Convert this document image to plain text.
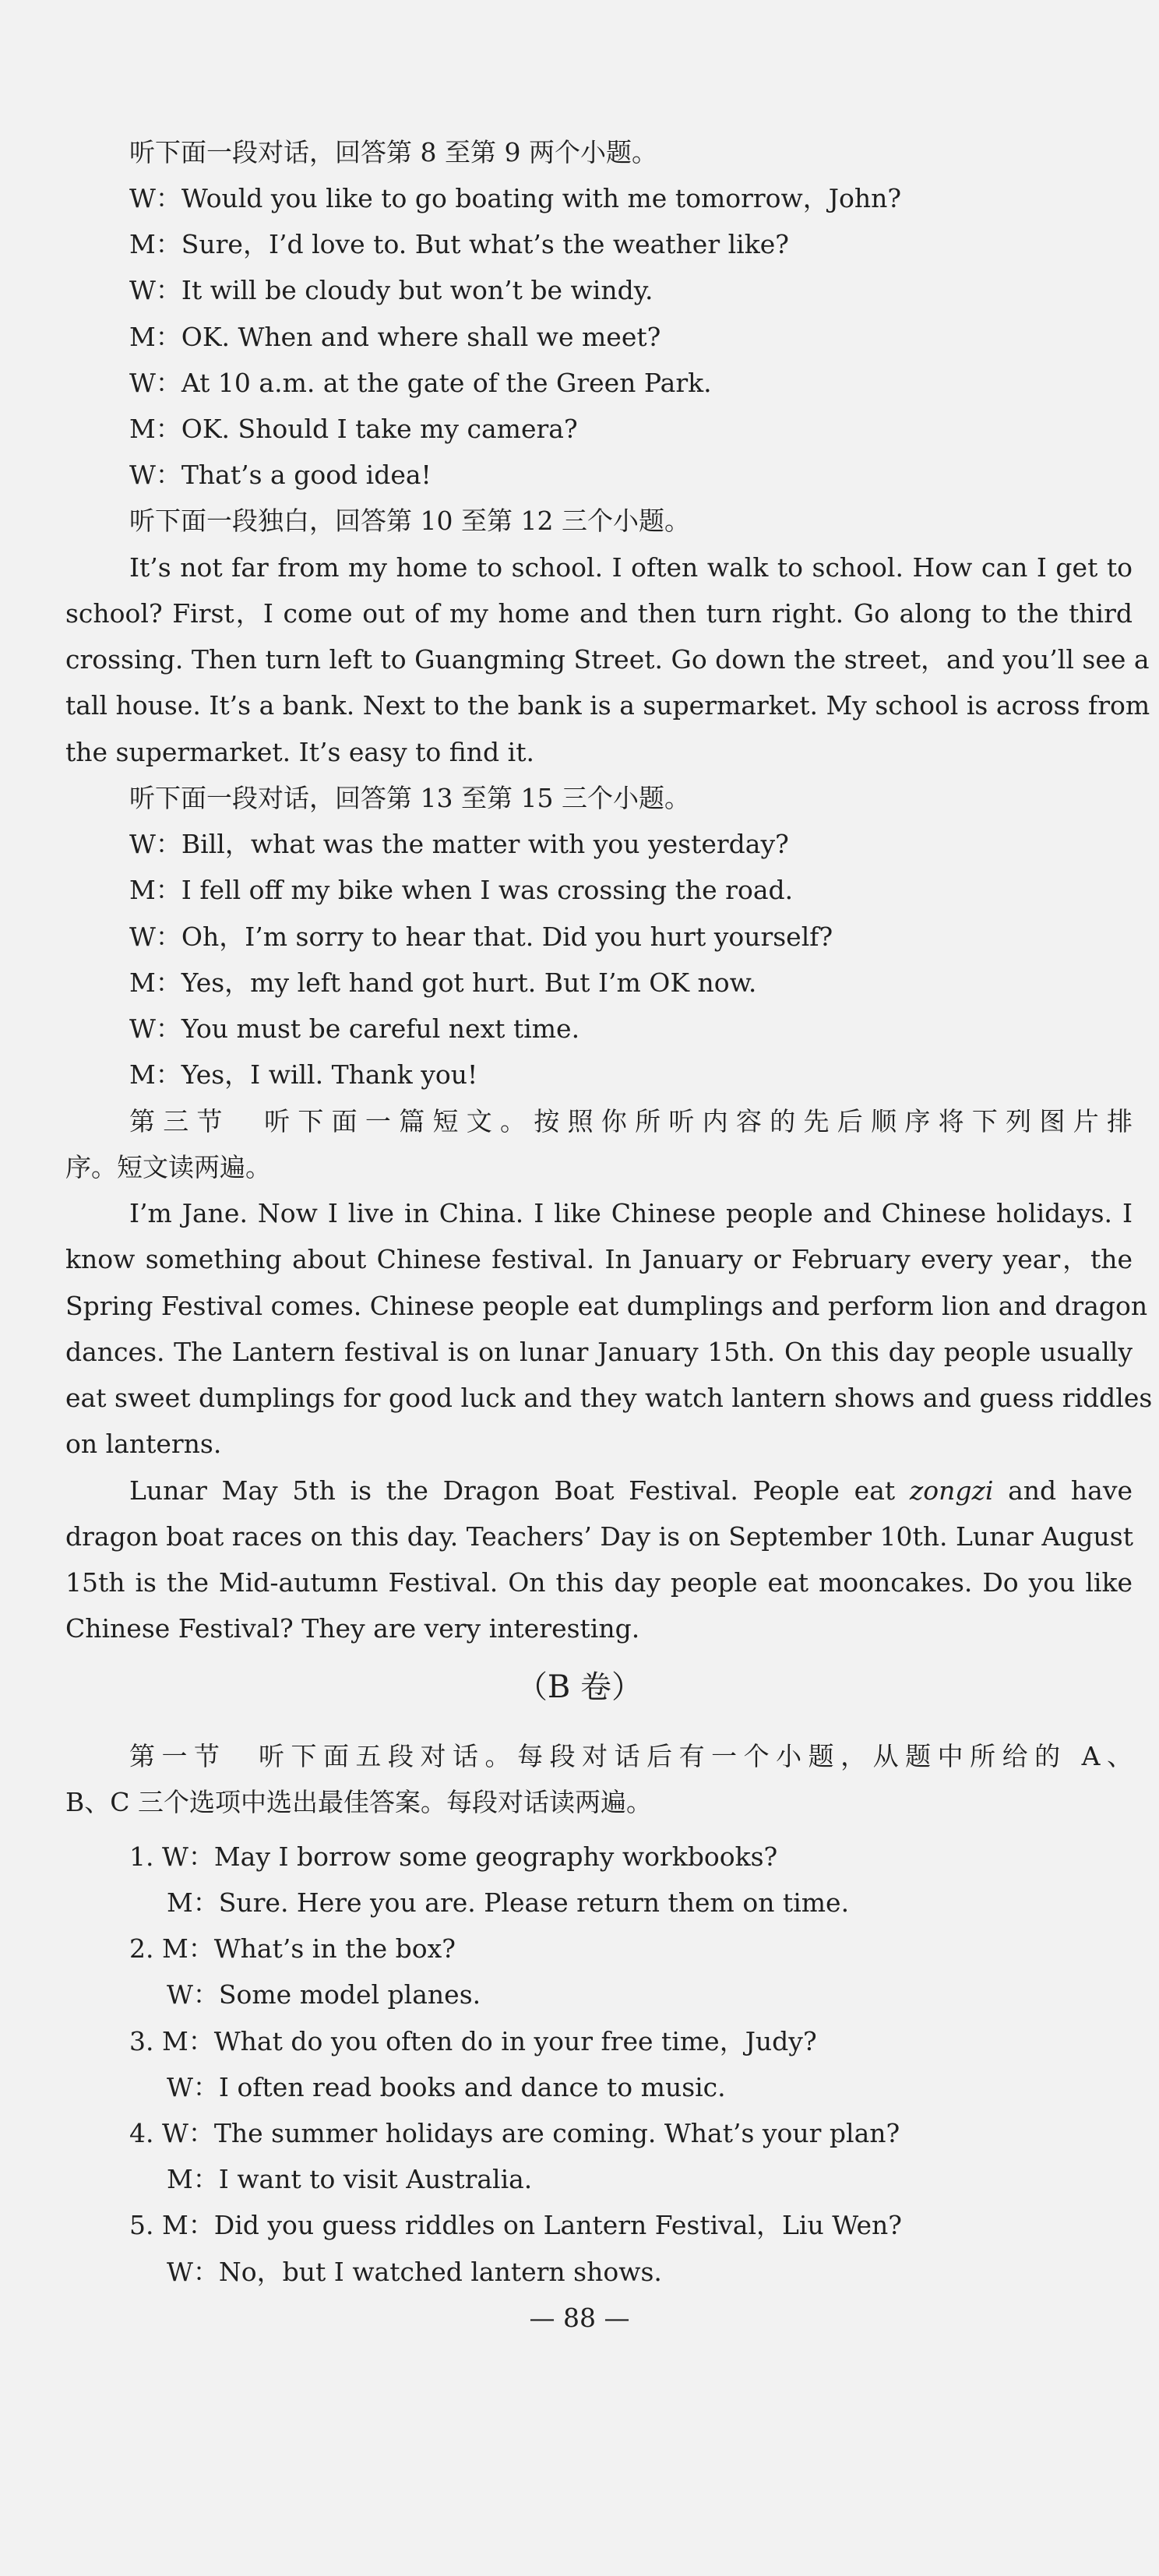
听下面一段对话，回答第 8 至第 9 两个小题。
W：Would you like to go boating with me tomorrow，John?
M：Sure，I’d love to. But what’s the weather like?
W：It will be cloudy but won’t be windy.
M：OK. When and where shall we meet?
W：At 10 a.m. at the gate of the Green Park.
M：OK. Should I take my camera?
W：That’s a good idea!
听下面一段独白，回答第 10 至第 12 三个小题。
It’s not far from my home to school. I often walk to school. How can I get to
school? First，I come out of my home and then turn right. Go along to the third
crossing. Then turn left to Guangming Street. Go down the street，and you’ll see a
tall house. It’s a bank. Next to the bank is a supermarket. My school is across from
the supermarket. It’s easy to find it.
听下面一段对话，回答第 13 至第 15 三个小题。
W：Bill，what was the matter with you yesterday?
M：I fell off my bike when I was crossing the road.
W：Oh，I’m sorry to hear that. Did you hurt yourself?
M：Yes，my left hand got hurt. But I’m OK now.
W：You must be careful next time.
M：Yes，I will. Thank you!
第三节　听下面一篇短文。按照你所听内容的先后顺序将下列图片排
序。短文读两遍。
I’m Jane. Now I live in China. I like Chinese people and Chinese holidays. I
know something about Chinese festival. In January or February every year，the
Spring Festival comes. Chinese people eat dumplings and perform lion and dragon
dances. The Lantern festival is on lunar January 15th. On this day people usually
eat sweet dumplings for good luck and they watch lantern shows and guess riddles
on lanterns.
Lunar May 5th is the Dragon Boat Festival. People eat zongzi and have
dragon boat races on this day. Teachers’ Day is on September 10th. Lunar August
15th is the Mid-autumn Festival. On this day people eat mooncakes. Do you like
Chinese Festival? They are very interesting.
（B 卷）
第一节　听下面五段对话。每段对话后有一个小题，从题中所给的 A、
B、C 三个选项中选出最佳答案。每段对话读两遍。
1. W：May I borrow some geography workbooks?
M：Sure. Here you are. Please return them on time.
2. M：What’s in the box?
W：Some model planes.
3. M：What do you often do in your free time，Judy?
W：I often read books and dance to music.
4. W：The summer holidays are coming. What’s your plan?
M：I want to visit Australia.
5. M：Did you guess riddles on Lantern Festival，Liu Wen?
W：No，but I watched lantern shows.
— 88 —
